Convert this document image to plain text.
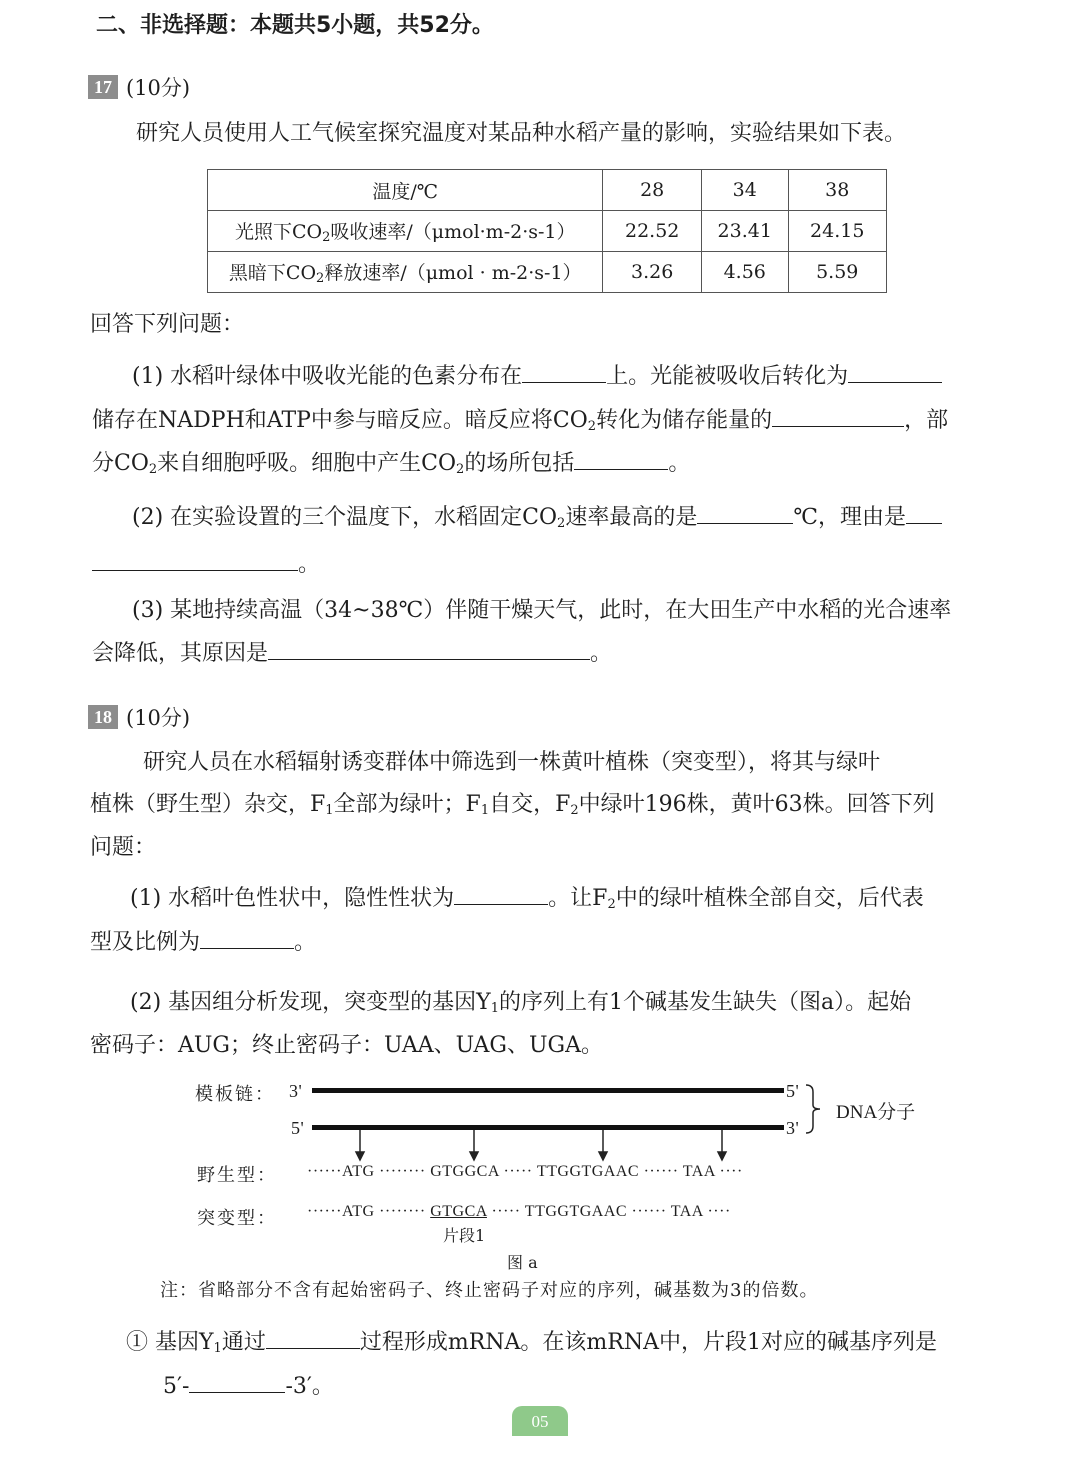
二、非选择题：本题共5小题，共52分。
17 (10分)
研究人员使用人工气候室探究温度对某品种水稻产量的影响，实验结果如下表。
温度/℃	28	34	38
光照下$CO_2$吸收速率/（μmol·m-2·s-1）	22.52	23.41	24.15
黑暗下$CO_2$释放速率/（μmol · m-2·s-1）	3.26	4.56	5.59
回答下列问题：
(1) 水稻叶绿体中吸收光能的色素分布在	上。光能被吸收后转化为
储存在NADPH和ATP中参与暗反应。暗反应将$CO_2$转化为储存能量的	，部
分$CO_2$来自细胞呼吸。细胞中产生$CO_2$的场所包括	。
(2) 在实验设置的三个温度下，水稻固定$CO_2$速率最高的是	℃，理由是
。
(3) 某地持续高温（34~38℃）伴随干燥天气，此时，在大田生产中水稻的光合速率
会降低，其原因是	。
18 (10分)
研究人员在水稻辐射诱变群体中筛选到一株黄叶植株（突变型），将其与绿叶
植株（野生型）杂交，$F_1$全部为绿叶；$F_1$自交，$F_2$中绿叶196株，黄叶63株。回答下列
问题：
(1) 水稻叶色性状中，隐性性状为	。让$F_2$中的绿叶植株全部自交，后代表
型及比例为	。
(2) 基因组分析发现，突变型的基因$Y_1$的序列上有1个碱基发生缺失（图a）。起始
密码子：AUG；终止密码子：UAA、UAG、UGA。
模板链： 3'	5'
5'	3'
DNA分子
野生型： ······ATG ········ GTGGCA ····· TTGGTGAAC ······ TAA ····
突变型： ······ATG ········ GTGCA ····· TTGGTGAAC ······ TAA ····
片段1
图 a
注：省略部分不含有起始密码子、终止密码子对应的序列，碱基数为3的倍数。
① 基因$Y_1$通过	过程形成mRNA。在该mRNA中，片段1对应的碱基序列是
5′-	-3′。
05
